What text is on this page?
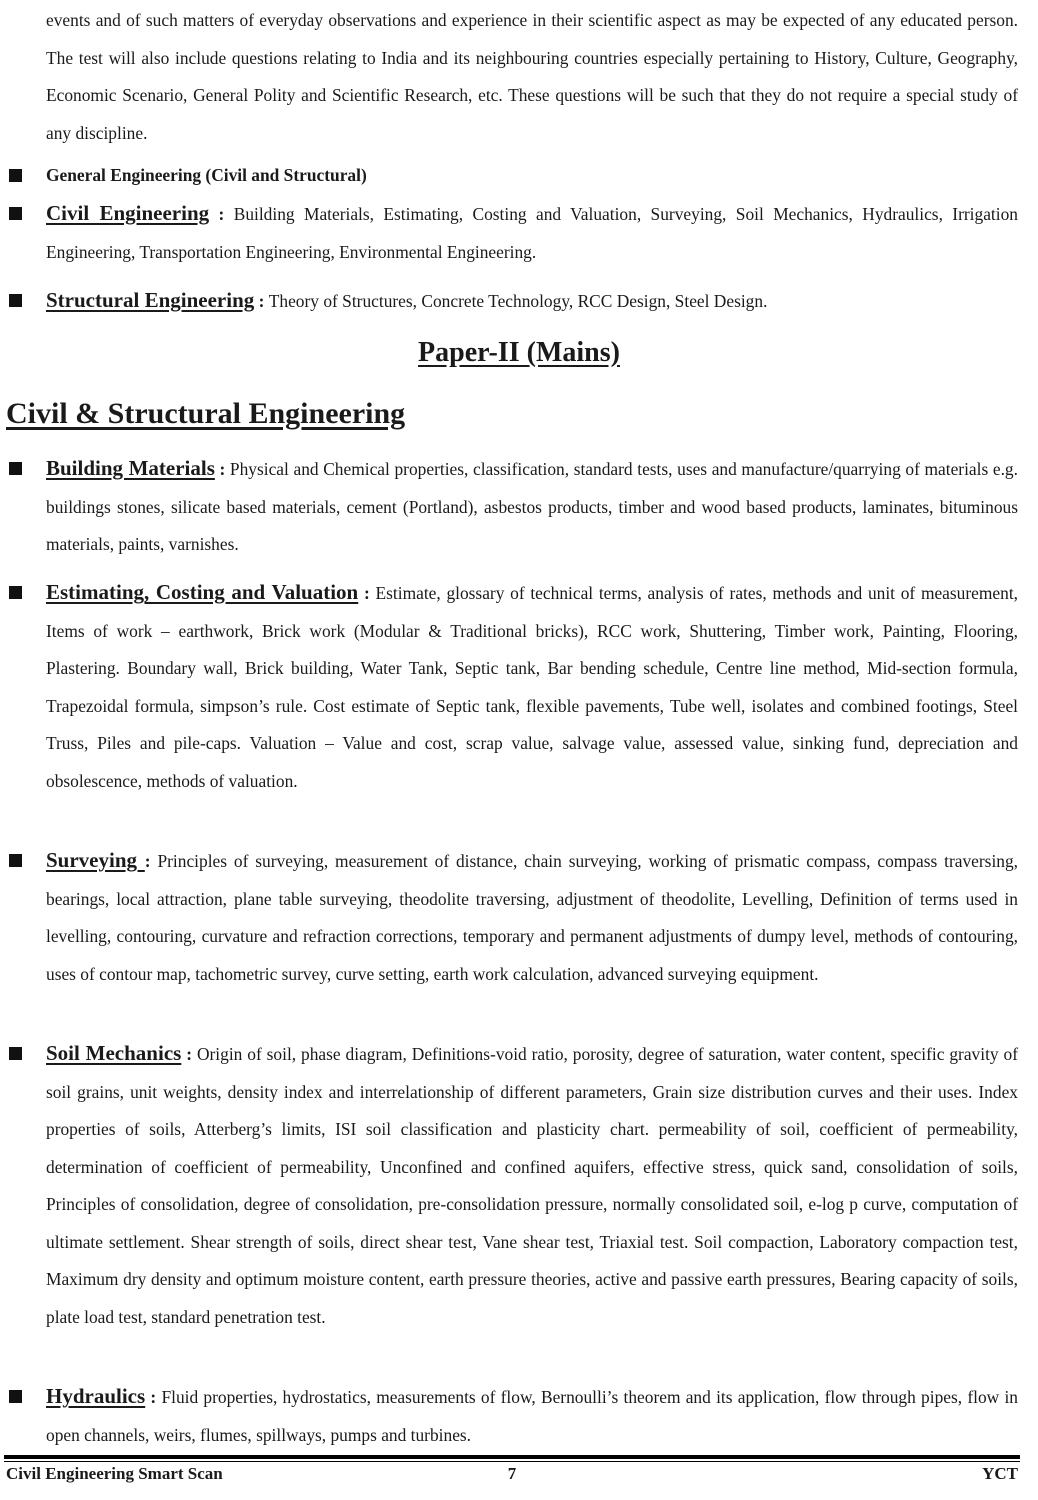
events and of such matters of everyday observations and experience in their scientific aspect as may be expected of any educated person. The test will also include questions relating to India and its neighbouring countries especially pertaining to History, Culture, Geography, Economic Scenario, General Polity and Scientific Research, etc. These questions will be such that they do not require a special study of any discipline.

General Engineering (Civil and Structural)

Civil Engineering : Building Materials, Estimating, Costing and Valuation, Surveying, Soil Mechanics, Hydraulics, Irrigation Engineering, Transportation Engineering, Environmental Engineering.

Structural Engineering : Theory of Structures, Concrete Technology, RCC Design, Steel Design.

Paper-II (Mains)
Civil & Structural Engineering

Building Materials : Physical and Chemical properties, classification, standard tests, uses and manufacture/quarrying of materials e.g. buildings stones, silicate based materials, cement (Portland), asbestos products, timber and wood based products, laminates, bituminous materials, paints, varnishes.

Estimating, Costing and Valuation : Estimate, glossary of technical terms, analysis of rates, methods and unit of measurement, Items of work – earthwork, Brick work (Modular & Traditional bricks), RCC work, Shuttering, Timber work, Painting, Flooring, Plastering. Boundary wall, Brick building, Water Tank, Septic tank, Bar bending schedule, Centre line method, Mid-section formula, Trapezoidal formula, simpson’s rule. Cost estimate of Septic tank, flexible pavements, Tube well, isolates and combined footings, Steel Truss, Piles and pile-caps. Valuation – Value and cost, scrap value, salvage value, assessed value, sinking fund, depreciation and obsolescence, methods of valuation.

Surveying : Principles of surveying, measurement of distance, chain surveying, working of prismatic compass, compass traversing, bearings, local attraction, plane table surveying, theodolite traversing, adjustment of theodolite, Levelling, Definition of terms used in levelling, contouring, curvature and refraction corrections, temporary and permanent adjustments of dumpy level, methods of contouring, uses of contour map, tachometric survey, curve setting, earth work calculation, advanced surveying equipment.

Soil Mechanics : Origin of soil, phase diagram, Definitions-void ratio, porosity, degree of saturation, water content, specific gravity of soil grains, unit weights, density index and interrelationship of different parameters, Grain size distribution curves and their uses. Index properties of soils, Atterberg’s limits, ISI soil classification and plasticity chart. permeability of soil, coefficient of permeability, determination of coefficient of permeability, Unconfined and confined aquifers, effective stress, quick sand, consolidation of soils, Principles of consolidation, degree of consolidation, pre-consolidation pressure, normally consolidated soil, e-log p curve, computation of ultimate settlement. Shear strength of soils, direct shear test, Vane shear test, Triaxial test. Soil compaction, Laboratory compaction test, Maximum dry density and optimum moisture content, earth pressure theories, active and passive earth pressures, Bearing capacity of soils, plate load test, standard penetration test.

Hydraulics : Fluid properties, hydrostatics, measurements of flow, Bernoulli’s theorem and its application, flow through pipes, flow in open channels, weirs, flumes, spillways, pumps and turbines.

Civil Engineering Smart Scan	7	YCT
